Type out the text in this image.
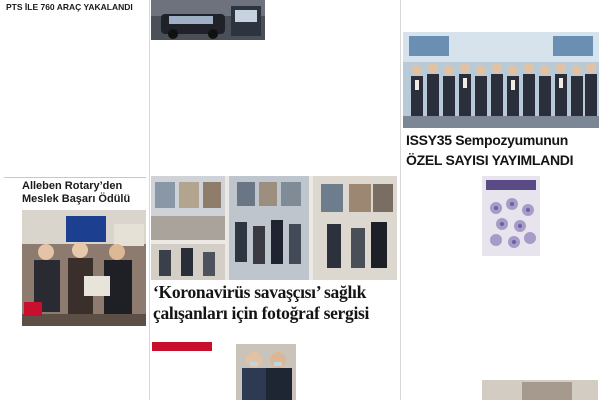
PTS İLE 760 ARAÇ YAKALANDI
Alleben Rotary’den Meslek Başarı Ödülü
‘Koronavirüs savaşçısı’ sağlık
çalışanları için fotoğraf sergisi
ISSY35 Sempozyumunun
ÖZEL SAYISI YAYIMLANDI
